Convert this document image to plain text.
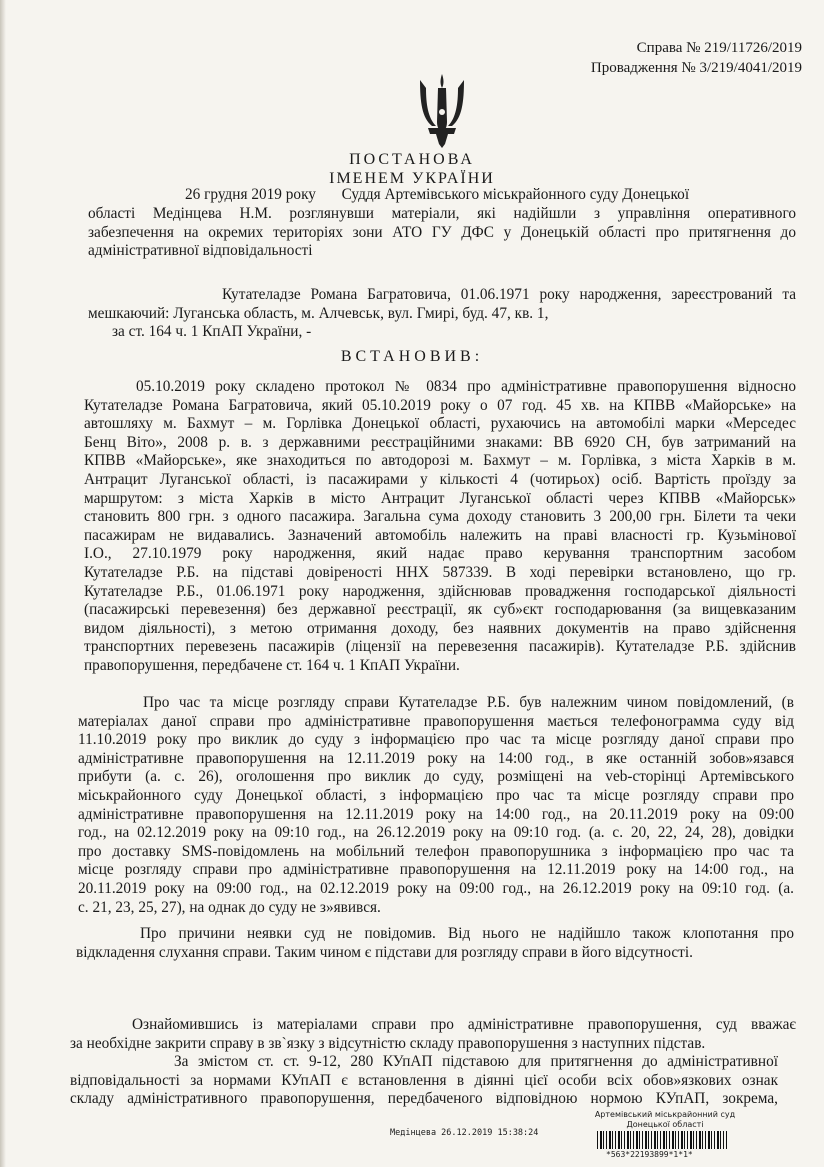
Справа № 219/11726/2019
Провадження № 3/219/4041/2019
ПОСТАНОВА
ІМЕНЕМ УКРАЇНИ
26 грудня 2019 року Суддя Артемівського міськрайонного суду Донецької
області Медінцева Н.М. розглянувши матеріали, які надійшли з управління оперативного
забезпечення на окремих територіях зони АТО ГУ ДФС у Донецькій області про притягнення до
адміністративної відповідальності
Кутателадзе Романа Багратовича, 01.06.1971 року народження, зареєстрований та
мешкаючий: Луганська область, м. Алчевськ, вул. Гмирі, буд. 47, кв. 1,
за ст. 164 ч. 1 КпАП України, -
ВСТАНОВИВ:
05.10.2019 року складено протокол № 0834 про адміністративне правопорушення відносно
Кутателадзе Романа Багратовича, який 05.10.2019 року о 07 год. 45 хв. на КПВВ «Майорське» на
автошляху м. Бахмут – м. Горлівка Донецької області, рухаючись на автомобілі марки «Мерседес
Бенц Віто», 2008 р. в. з державними реєстраційними знаками: ВВ 6920 СН, був затриманий на
КПВВ «Майорське», яке знаходиться по автодорозі м. Бахмут – м. Горлівка, з міста Харків в м.
Антрацит Луганської області, із пасажирами у кількості 4 (чотирьох) осіб. Вартість проїзду за
маршрутом: з міста Харків в місто Антрацит Луганської області через КПВВ «Майорськ»
становить 800 грн. з одного пасажира. Загальна сума доходу становить 3 200,00 грн. Білети та чеки
пасажирам не видавались. Зазначений автомобіль належить на праві власності гр. Кузьмінової
І.О., 27.10.1979 року народження, який надає право керування транспортним засобом
Кутателадзе Р.Б. на підставі довіреності ННХ 587339. В ході перевірки встановлено, що гр.
Кутателадзе Р.Б., 01.06.1971 року народження, здійснював провадження господарської діяльності
(пасажирські перевезення) без державної реєстрації, як суб»єкт господарювання (за вищевказаним
видом діяльності), з метою отримання доходу, без наявних документів на право здійснення
транспортних перевезень пасажирів (ліцензії на перевезення пасажирів). Кутателадзе Р.Б. здійснив
правопорушення, передбачене ст. 164 ч. 1 КпАП України.
Про час та місце розгляду справи Кутателадзе Р.Б. був належним чином повідомлений, (в
матеріалах даної справи про адміністративне правопорушення мається телефонограмма суду від
11.10.2019 року про виклик до суду з інформацією про час та місце розгляду даної справи про
адміністративне правопорушення на 12.11.2019 року на 14:00 год., в яке останній зобов»язався
прибути (а. с. 26), оголошення про виклик до суду, розміщені на veb-сторінці Артемівського
міськрайонного суду Донецької області, з інформацією про час та місце розгляду справи про
адміністративне правопорушення на 12.11.2019 року на 14:00 год., на 20.11.2019 року на 09:00
год., на 02.12.2019 року на 09:10 год., на 26.12.2019 року на 09:10 год. (а. с. 20, 22, 24, 28), довідки
про доставку SMS-повідомлень на мобільний телефон правопорушника з інформацією про час та
місце розгляду справи про адміністративне правопорушення на 12.11.2019 року на 14:00 год., на
20.11.2019 року на 09:00 год., на 02.12.2019 року на 09:00 год., на 26.12.2019 року на 09:10 год. (а.
с. 21, 23, 25, 27), на однак до суду не з»явився.
Про причини неявки суд не повідомив. Від нього не надійшло також клопотання про
відкладення слухання справи. Таким чином є підстави для розгляду справи в його відсутності.
Ознайомившись із матеріалами справи про адміністративне правопорушення, суд вважає
за необхідне закрити справу в зв`язку з відсутністю складу правопорушення з наступних підстав.
За змістом ст. ст. 9-12, 280 КУпАП підставою для притягнення до адміністративної
відповідальності за нормами КУпАП є встановлення в діянні цієї особи всіх обов»язкових ознак
складу адміністративного правопорушення, передбаченого відповідною нормою КУпАП, зокрема,
Артемівський міськрайонний суд
Донецької області
Медінцева 26.12.2019 15:38:24
*563*22193899*1*1*
